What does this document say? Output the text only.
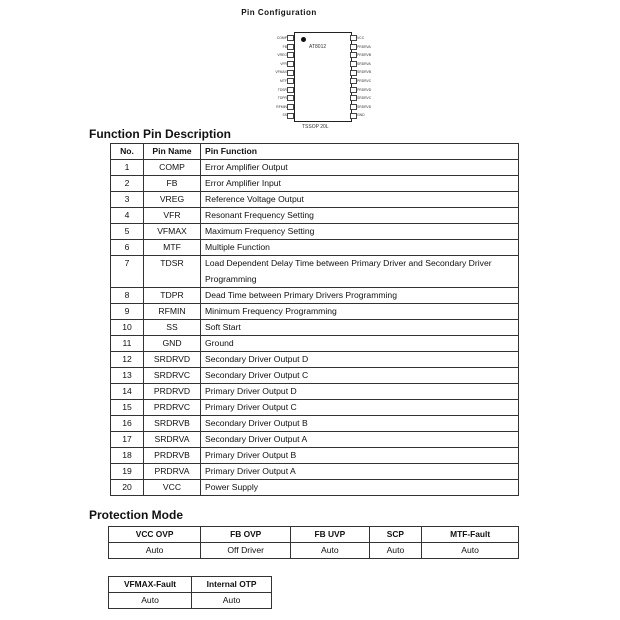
Pin Configuration
AT8012
COMP
FB
VREG
VFR
VFMAX
MTF
TDSR
TDPR
RFMIN
SS
VCC
PRDRVA
PRDRVB
SRDRVA
SRDRVB
PRDRVC
PRDRVD
SRDRVC
SRDRVD
GND
TSSOP 20L
Function Pin Description
No.	Pin Name	Pin Function
1	COMP	Error Amplifier Output
2	FB	Error Amplifier Input
3	VREG	Reference Voltage Output
4	VFR	Resonant Frequency Setting
5	VFMAX	Maximum Frequency Setting
6	MTF	Multiple Function
7	TDSR	Load Dependent Delay Time between Primary Driver and Secondary Driver Programming
8	TDPR	Dead Time between Primary Drivers Programming
9	RFMIN	Minimum Frequency Programming
10	SS	Soft Start
11	GND	Ground
12	SRDRVD	Secondary Driver Output D
13	SRDRVC	Secondary Driver Output C
14	PRDRVD	Primary Driver Output D
15	PRDRVC	Primary Driver Output C
16	SRDRVB	Secondary Driver Output B
17	SRDRVA	Secondary Driver Output A
18	PRDRVB	Primary Driver Output B
19	PRDRVA	Primary Driver Output A
20	VCC	Power Supply
Protection Mode
VCC OVP	FB OVP	FB UVP	SCP	MTF-Fault
Auto	Off Driver	Auto	Auto	Auto
VFMAX-Fault	Internal OTP
Auto	Auto
